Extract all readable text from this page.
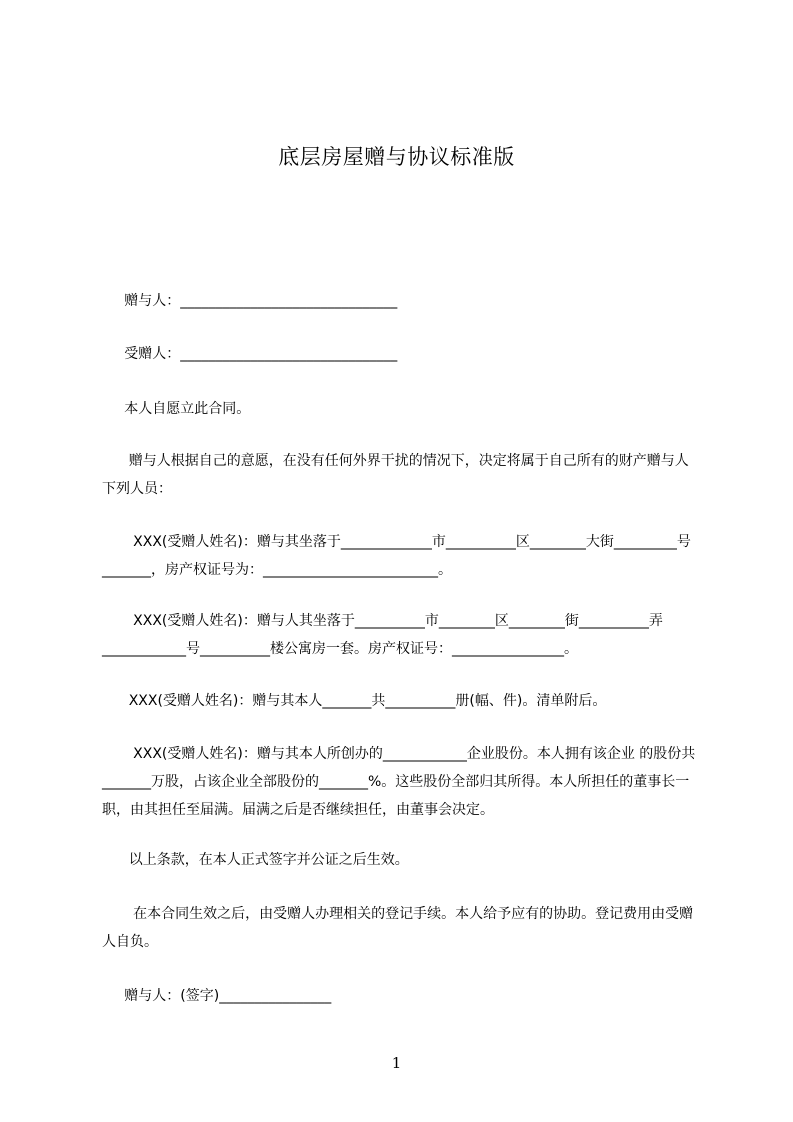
底层房屋赠与协议标准版
赠与人：_______________________________
受赠人：_______________________________
本人自愿立此合同。
赠与人根据自己的意愿，在没有任何外界干扰的情况下，决定将属于自己所有的财产赠与人下列人员：
XXX(受赠人姓名)：赠与其坐落于_____________市__________区________大街_________号_______，房产权证号为：_________________________。
XXX(受赠人姓名)：赠与人其坐落于__________市________区________街__________弄____________号__________楼公寓房一套。房产权证号：________________。
XXX(受赠人姓名)：赠与其本人_______共__________册(幅、件)。清单附后。
XXX(受赠人姓名)：赠与其本人所创办的____________企业股份。本人拥有该企业 的股份共_______万股，占该企业全部股份的_______%。这些股份全部归其所得。本人所担任的董事长一职，由其担任至届满。届满之后是否继续担任，由董事会决定。
以上条款，在本人正式签字并公证之后生效。
在本合同生效之后，由受赠人办理相关的登记手续。本人给予应有的协助。登记费用由受赠人自负。
赠与人：(签字)________________
1
